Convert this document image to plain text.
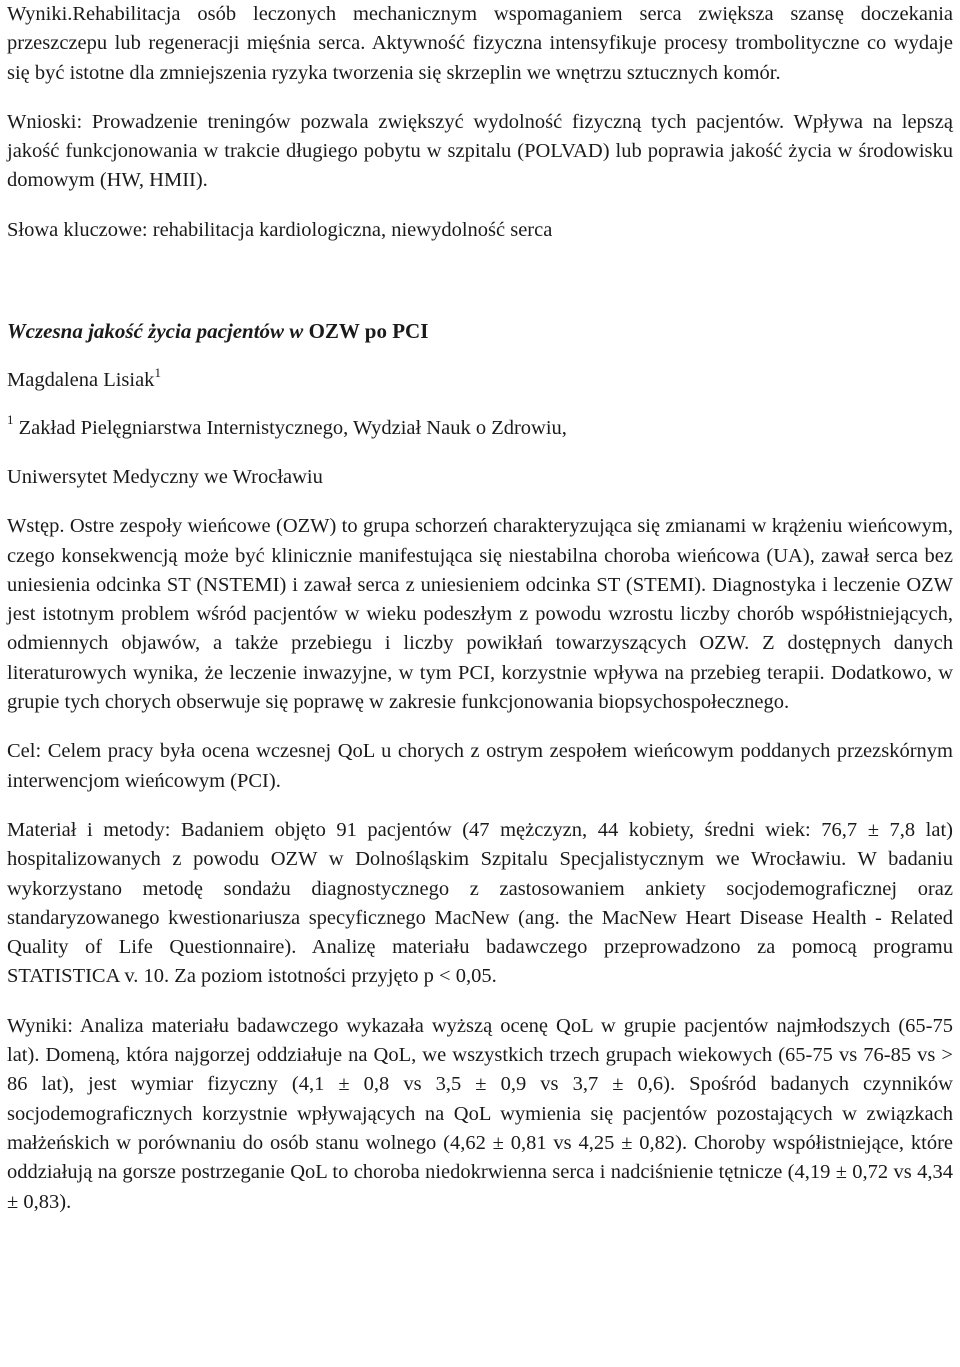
Wyniki.Rehabilitacja osób leczonych mechanicznym wspomaganiem serca zwiększa szansę doczekania przeszczepu lub regeneracji mięśnia serca. Aktywność fizyczna intensyfikuje procesy trombolityczne co wydaje się być istotne dla zmniejszenia ryzyka tworzenia się skrzeplin we wnętrzu sztucznych komór.

Wnioski: Prowadzenie treningów pozwala zwiększyć wydolność fizyczną tych pacjentów. Wpływa na lepszą jakość funkcjonowania w trakcie długiego pobytu w szpitalu (POLVAD) lub poprawia jakość życia w środowisku domowym (HW, HMII).

Słowa kluczowe: rehabilitacja kardiologiczna, niewydolność serca

Wczesna jakość życia pacjentów w OZW po PCI

Magdalena Lisiak$^1$

$^1$ Zakład Pielęgniarstwa Internistycznego, Wydział Nauk o Zdrowiu,

Uniwersytet Medyczny we Wrocławiu

Wstęp. Ostre zespoły wieńcowe (OZW) to grupa schorzeń charakteryzująca się zmianami w krążeniu wieńcowym, czego konsekwencją może być klinicznie manifestująca się niestabilna choroba wieńcowa (UA), zawał serca bez uniesienia odcinka ST (NSTEMI) i zawał serca z uniesieniem odcinka ST (STEMI). Diagnostyka i leczenie OZW jest istotnym problem wśród pacjentów w wieku podeszłym z powodu wzrostu liczby chorób współistniejących, odmiennych objawów, a także przebiegu i liczby powikłań towarzyszących OZW. Z dostępnych danych literaturowych wynika, że leczenie inwazyjne, w tym PCI, korzystnie wpływa na przebieg terapii. Dodatkowo, w grupie tych chorych obserwuje się poprawę w zakresie funkcjonowania biopsychospołecznego.

Cel: Celem pracy była ocena wczesnej QoL u chorych z ostrym zespołem wieńcowym poddanych przezskórnym interwencjom wieńcowym (PCI).

Materiał i metody: Badaniem objęto 91 pacjentów (47 mężczyzn, 44 kobiety, średni wiek: 76,7 ± 7,8 lat) hospitalizowanych z powodu OZW w Dolnośląskim Szpitalu Specjalistycznym we Wrocławiu. W badaniu wykorzystano metodę sondażu diagnostycznego z zastosowaniem ankiety socjodemograficznej oraz standaryzowanego kwestionariusza specyficznego MacNew (ang. the MacNew Heart Disease Health - Related Quality of Life Questionnaire). Analizę materiału badawczego przeprowadzono za pomocą programu STATISTICA v. 10. Za poziom istotności przyjęto p < 0,05.

Wyniki: Analiza materiału badawczego wykazała wyższą ocenę QoL w grupie pacjentów najmłodszych (65-75 lat). Domeną, która najgorzej oddziałuje na QoL, we wszystkich trzech grupach wiekowych (65-75 vs 76-85 vs > 86 lat), jest wymiar fizyczny (4,1 ± 0,8 vs 3,5 ± 0,9 vs 3,7 ± 0,6). Spośród badanych czynników socjodemograficznych korzystnie wpływających na QoL wymienia się pacjentów pozostających w związkach małżeńskich w porównaniu do osób stanu wolnego (4,62 ± 0,81 vs 4,25 ± 0,82). Choroby współistniejące, które oddziałują na gorsze postrzeganie QoL to choroba niedokrwienna serca i nadciśnienie tętnicze (4,19 ± 0,72 vs 4,34 ± 0,83).
